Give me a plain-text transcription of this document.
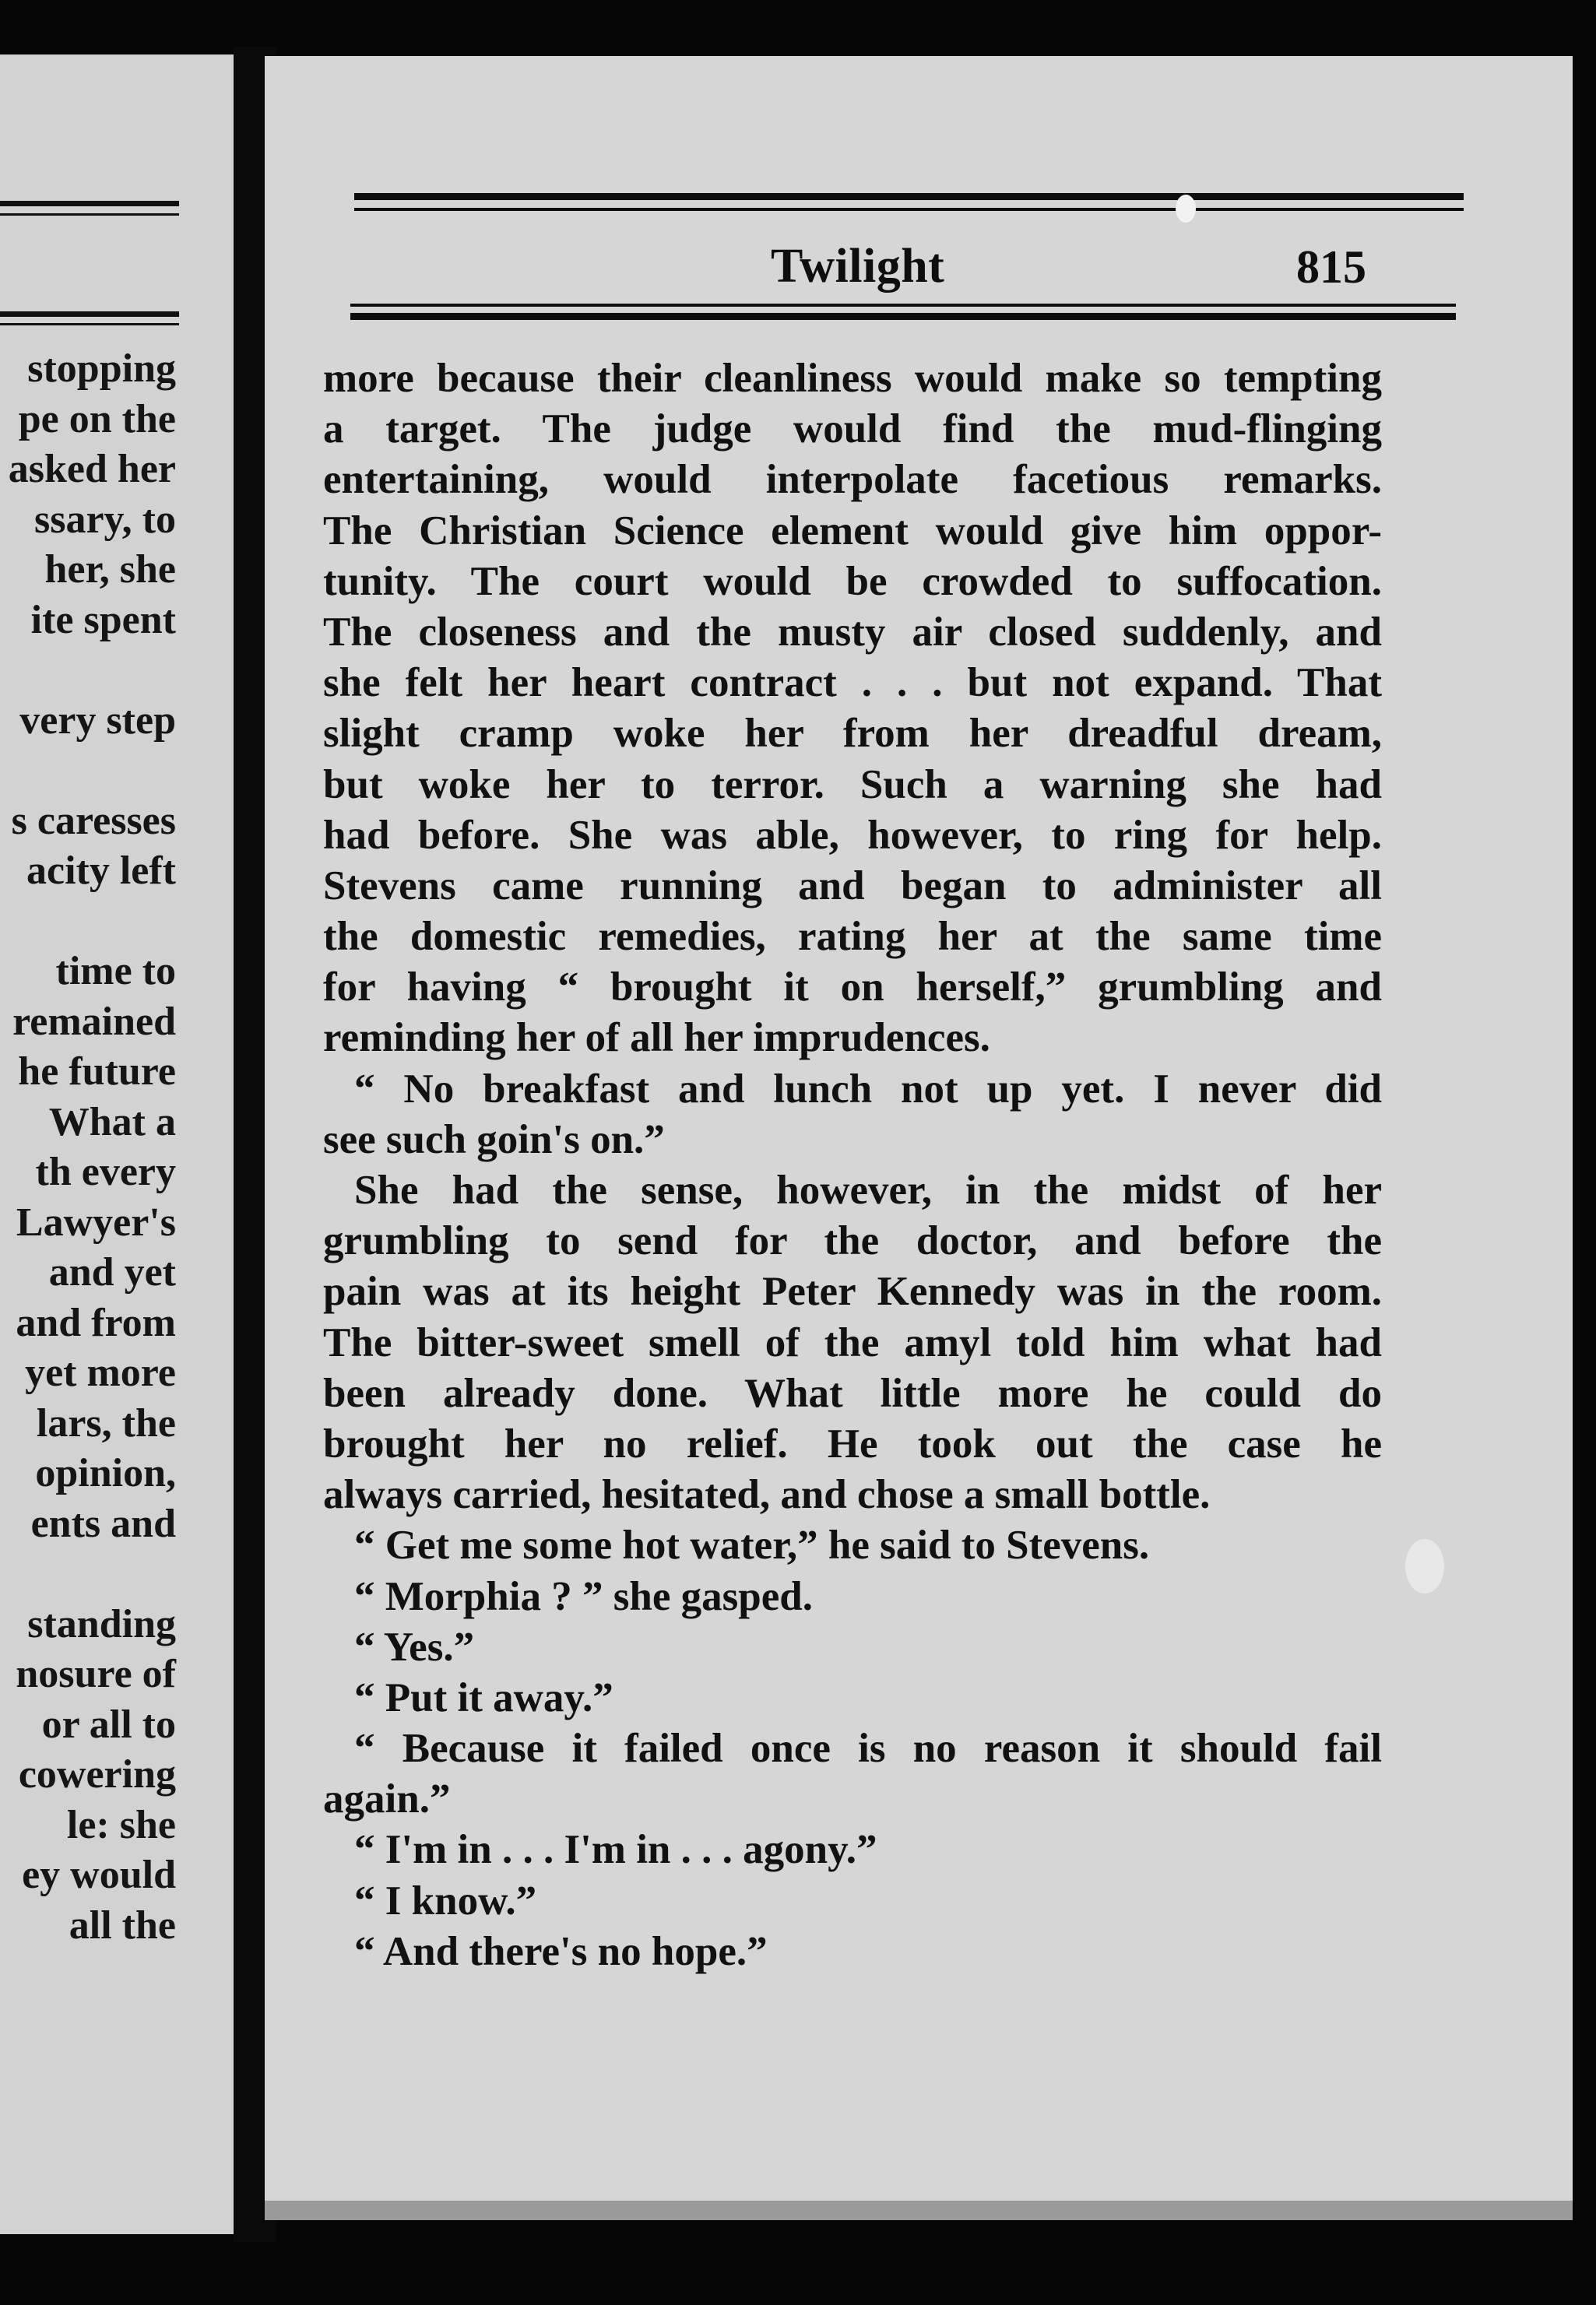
stopping
pe on the
asked her
ssary, to
her, she
ite spent
very step
s caresses
acity left
time to
remained
he future
What a
th every
Lawyer's
and yet
and from
yet more
lars, the
opinion,
ents and
standing
nosure of
or all to
cowering
le: she
ey would
all the
Twilight	815
more because their cleanliness would make so tempting
a target. The judge would find the mud-flinging
entertaining, would interpolate facetious remarks.
The Christian Science element would give him oppor-
tunity. The court would be crowded to suffocation.
The closeness and the musty air closed suddenly, and
she felt her heart contract . . . but not expand. That
slight cramp woke her from her dreadful dream,
but woke her to terror. Such a warning she had
had before. She was able, however, to ring for help.
Stevens came running and began to administer all
the domestic remedies, rating her at the same time
for having “ brought it on herself,” grumbling and
reminding her of all her imprudences.
“ No breakfast and lunch not up yet. I never did
see such goin's on.”
She had the sense, however, in the midst of her
grumbling to send for the doctor, and before the
pain was at its height Peter Kennedy was in the room.
The bitter-sweet smell of the amyl told him what had
been already done. What little more he could do
brought her no relief. He took out the case he
always carried, hesitated, and chose a small bottle.
“ Get me some hot water,” he said to Stevens.
“ Morphia ? ” she gasped.
“ Yes.”
“ Put it away.”
“ Because it failed once is no reason it should fail
again.”
“ I'm in . . . I'm in . . . agony.”
“ I know.”
“ And there's no hope.”
